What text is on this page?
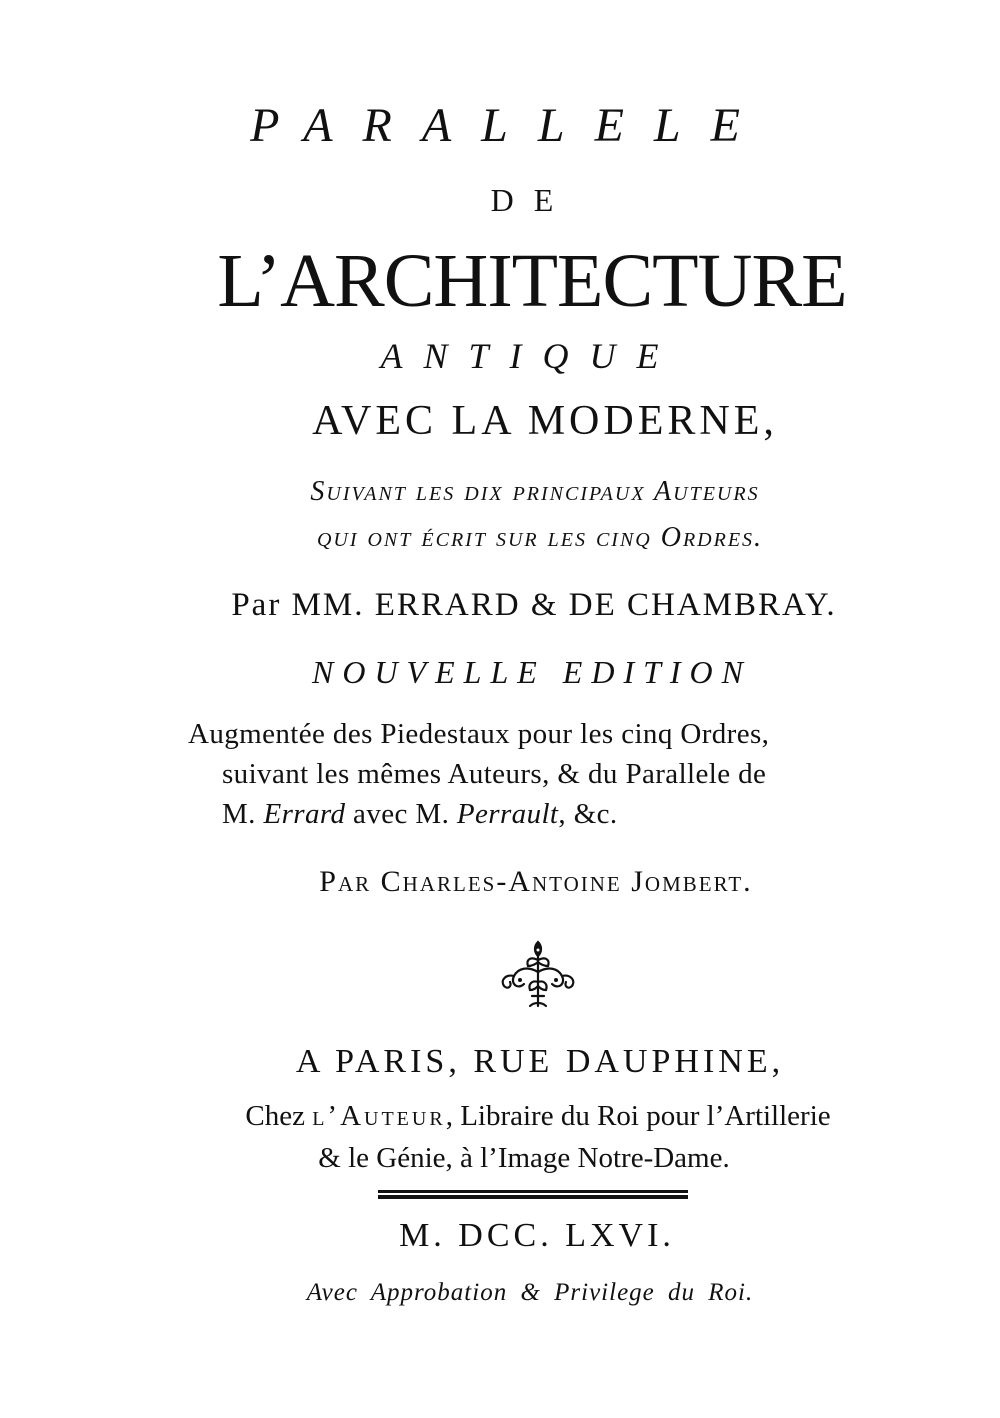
PARALLELE
DE
L’ARCHITECTURE
ANTIQUE
AVEC LA MODERNE,
Suivant les dix principaux Auteurs
qui ont écrit sur les cinq Ordres.
Par MM. ERRARD & DE CHAMBRAY.
NOUVELLE EDITION
Augmentée des Piedestaux pour les cinq Ordres,
suivant les mêmes Auteurs, & du Parallele de
M. Errard avec M. Perrault, &c.
Par Charles-Antoine Jombert.
A PARIS, RUE DAUPHINE,
Chez l’Auteur, Libraire du Roi pour l’Artillerie
& le Génie, à l’Image Notre-Dame.
M. DCC. LXVI.
Avec Approbation & Privilege du Roi.
